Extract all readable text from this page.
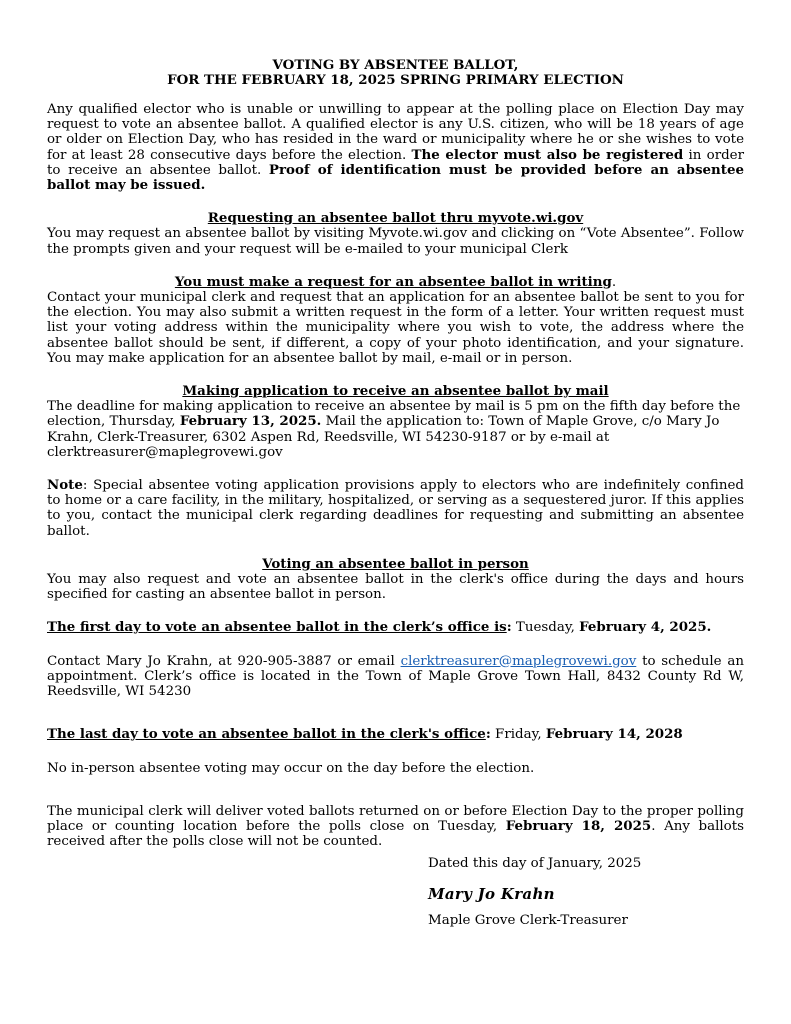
VOTING BY ABSENTEE BALLOT,
FOR THE FEBRUARY 18, 2025 SPRING PRIMARY ELECTION

Any qualified elector who is unable or unwilling to appear at the polling place on Election Day may request to vote an absentee ballot. A qualified elector is any U.S. citizen, who will be 18 years of age or older on Election Day, who has resided in the ward or municipality where he or she wishes to vote for at least 28 consecutive days before the election. The elector must also be registered in order to receive an absentee ballot. Proof of identification must be provided before an absentee ballot may be issued.

Requesting an absentee ballot thru myvote.wi.gov

You may request an absentee ballot by visiting Myvote.wi.gov and clicking on “Vote Absentee”. Follow the prompts given and your request will be e-mailed to your municipal Clerk

You must make a request for an absentee ballot in writing.

Contact your municipal clerk and request that an application for an absentee ballot be sent to you for the election. You may also submit a written request in the form of a letter. Your written request must list your voting address within the municipality where you wish to vote, the address where the absentee ballot should be sent, if different, a copy of your photo identification, and your signature. You may make application for an absentee ballot by mail, e-mail or in person.

Making application to receive an absentee ballot by mail

The deadline for making application to receive an absentee by mail is 5 pm on the fifth day before the election, Thursday, February 13, 2025. Mail the application to: Town of Maple Grove, c/o Mary Jo Krahn, Clerk-Treasurer, 6302 Aspen Rd, Reedsville, WI 54230-9187 or by e-mail at clerktreasurer@maplegrovewi.gov

Note: Special absentee voting application provisions apply to electors who are indefinitely confined to home or a care facility, in the military, hospitalized, or serving as a sequestered juror. If this applies to you, contact the municipal clerk regarding deadlines for requesting and submitting an absentee ballot.

Voting an absentee ballot in person

You may also request and vote an absentee ballot in the clerk's office during the days and hours specified for casting an absentee ballot in person.

The first day to vote an absentee ballot in the clerk’s office is: Tuesday, February 4, 2025.

Contact Mary Jo Krahn, at 920-905-3887 or email clerktreasurer@maplegrovewi.gov to schedule an appointment. Clerk’s office is located in the Town of Maple Grove Town Hall, 8432 County Rd W, Reedsville, WI 54230

The last day to vote an absentee ballot in the clerk's office: Friday, February 14, 2028

No in-person absentee voting may occur on the day before the election.

The municipal clerk will deliver voted ballots returned on or before Election Day to the proper polling place or counting location before the polls close on Tuesday, February 18, 2025. Any ballots received after the polls close will not be counted.

Dated this day of January, 2025

Mary Jo Krahn

Maple Grove Clerk-Treasurer
